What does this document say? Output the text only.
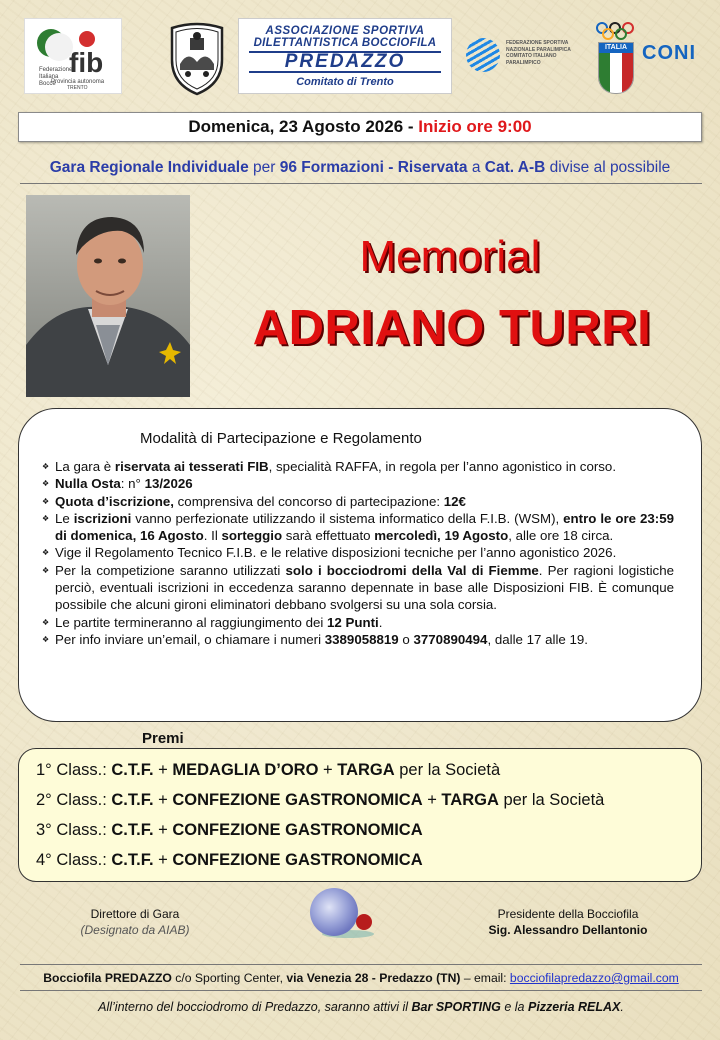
fib
Federazione Italiana Bocce
Provincia autonoma
TRENTO
ASSOCIAZIONE SPORTIVA
DILETTANTISTICA BOCCIOFILA
PREDAZZO
Comitato di Trento
FEDERAZIONE SPORTIVA NAZIONALE PARALIMPICA
COMITATO ITALIANO PARALIMPICO
ITALIA CONI
Domenica, 23 Agosto 2026 - Inizio ore 9:00
Gara Regionale Individuale per 96 Formazioni - Riservata a Cat. A-B divise al possibile
Memorial
ADRIANO TURRI
Modalità di Partecipazione e Regolamento
❖ La gara è riservata ai tesserati FIB, specialità RAFFA, in regola per l’anno agonistico in corso.
❖ Nulla Osta: n° 13/2026
❖ Quota d’iscrizione, comprensiva del concorso di partecipazione: 12€
❖ Le iscrizioni vanno perfezionate utilizzando il sistema informatico della F.I.B. (WSM), entro le ore 23:59 di domenica, 16 Agosto. Il sorteggio sarà effettuato mercoledì, 19 Agosto, alle ore 18 circa.
❖ Vige il Regolamento Tecnico F.I.B. e le relative disposizioni tecniche per l’anno agonistico 2026.
❖ Per la competizione saranno utilizzati solo i bocciodromi della Val di Fiemme. Per ragioni logistiche perciò, eventuali iscrizioni in eccedenza saranno depennate in base alle Disposizioni FIB. È comunque possibile che alcuni gironi eliminatori debbano svolgersi su una sola corsia.
❖ Le partite termineranno al raggiungimento dei 12 Punti.
❖ Per info inviare un’email, o chiamare i numeri 3389058819 o 3770890494, dalle 17 alle 19.
Premi
1° Class.: C.T.F. + MEDAGLIA D’ORO + TARGA per la Società
2° Class.: C.T.F. + CONFEZIONE GASTRONOMICA + TARGA per la Società
3° Class.: C.T.F. + CONFEZIONE GASTRONOMICA
4° Class.: C.T.F. + CONFEZIONE GASTRONOMICA
Direttore di Gara
(Designato da AIAB)
Presidente della Bocciofila
Sig. Alessandro Dellantonio
Bocciofila PREDAZZO c/o Sporting Center, via Venezia 28 - Predazzo (TN) – email: bocciofilapredazzo@gmail.com
All’interno del bocciodromo di Predazzo, saranno attivi il Bar SPORTING e la Pizzeria RELAX.
